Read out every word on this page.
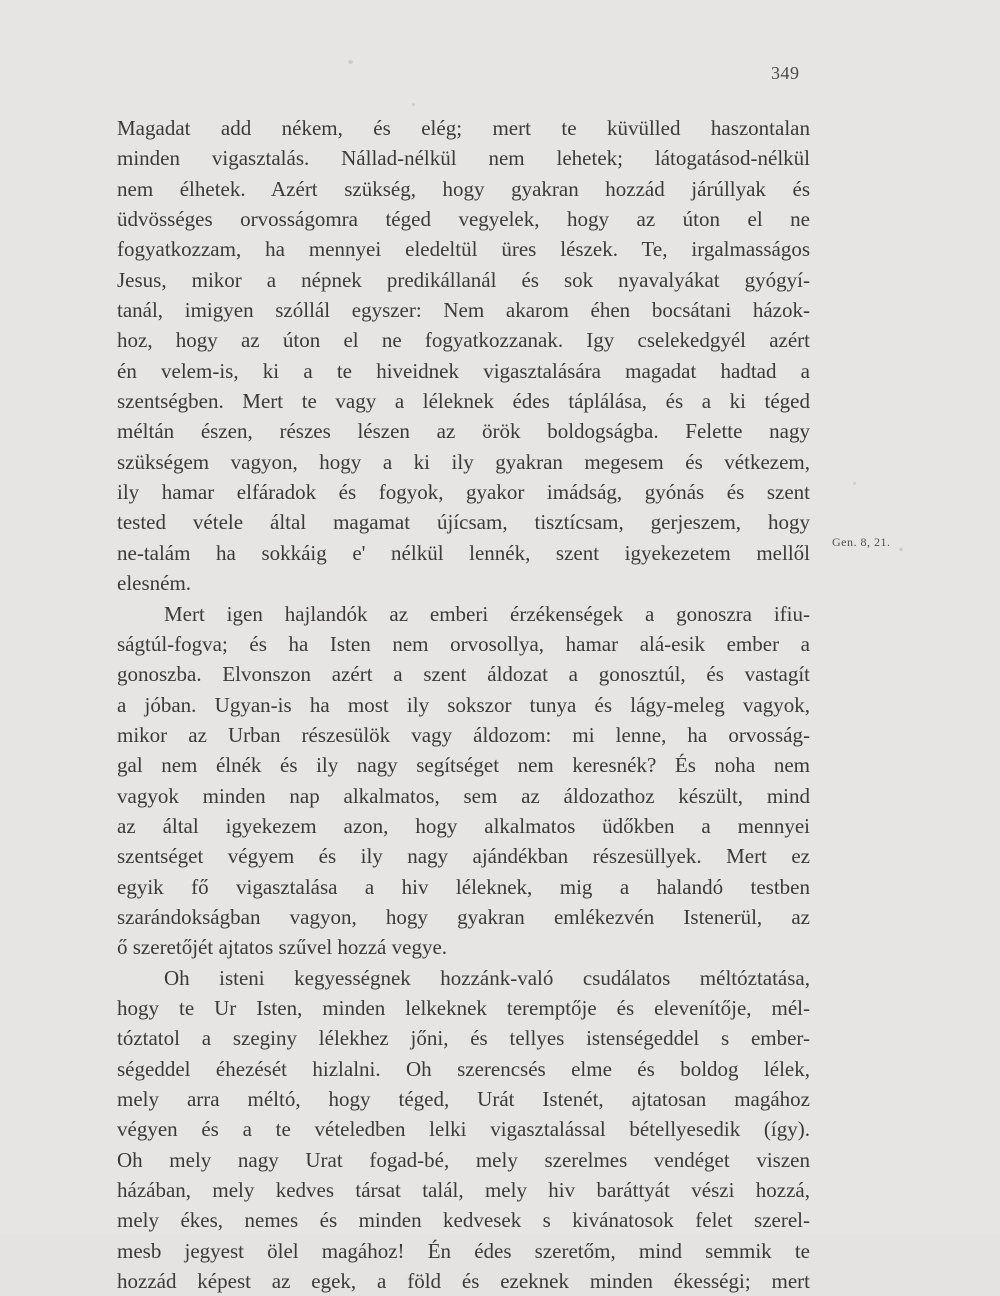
349
Magadat add nékem, és elég; mert te küvülled haszontalan
minden vigasztalás. Nállad-nélkül nem lehetek; látogatásod-nélkül
nem élhetek. Azért szükség, hogy gyakran hozzád járúllyak és
üdvösséges orvosságomra téged vegyelek, hogy az úton el ne
fogyatkozzam, ha mennyei eledeltül üres lészek. Te, irgalmasságos
Jesus, mikor a népnek predikállanál és sok nyavalyákat gyógyí-
tanál, imigyen szóllál egyszer: Nem akarom éhen bocsátani házok-
hoz, hogy az úton el ne fogyatkozzanak. Igy cselekedgyél azért
én velem-is, ki a te hiveidnek vigasztalására magadat hadtad a
szentségben. Mert te vagy a léleknek édes táplálása, és a ki téged
méltán észen, részes lészen az örök boldogságba. Felette nagy
szükségem vagyon, hogy a ki ily gyakran megesem és vétkezem,
ily hamar elfáradok és fogyok, gyakor imádság, gyónás és szent
tested vétele által magamat újícsam, tisztícsam, gerjeszem, hogy
ne-talám ha sokkáig e' nélkül lennék, szent igyekezetem mellől
elesném.
Mert igen hajlandók az emberi érzékenségek a gonoszra ifiu-
ságtúl-fogva; és ha Isten nem orvosollya, hamar alá-esik ember a
gonoszba. Elvonszon azért a szent áldozat a gonosztúl, és vastagít
a jóban. Ugyan-is ha most ily sokszor tunya és lágy-meleg vagyok,
mikor az Urban részesülök vagy áldozom: mi lenne, ha orvosság-
gal nem élnék és ily nagy segítséget nem keresnék? És noha nem
vagyok minden nap alkalmatos, sem az áldozathoz készült, mind
az által igyekezem azon, hogy alkalmatos üdőkben a mennyei
szentséget végyem és ily nagy ajándékban részesüllyek. Mert ez
egyik fő vigasztalása a hiv léleknek, mig a halandó testben
szarándokságban vagyon, hogy gyakran emlékezvén Istenerül, az
ő szeretőjét ajtatos szűvel hozzá vegye.
Oh isteni kegyességnek hozzánk-való csudálatos méltóztatása,
hogy te Ur Isten, minden lelkeknek teremptője és elevenítője, mél-
tóztatol a szeginy lélekhez jőni, és tellyes istenségeddel s ember-
ségeddel éhezését hizlalni. Oh szerencsés elme és boldog lélek,
mely arra méltó, hogy téged, Urát Istenét, ajtatosan magához
végyen és a te vételedben lelki vigasztalással bétellyesedik (így).
Oh mely nagy Urat fogad-bé, mely szerelmes vendéget viszen
házában, mely kedves társat talál, mely hiv baráttyát vészi hozzá,
mely ékes, nemes és minden kedvesek s kivánatosok felet szerel-
mesb jegyest ölel magához! Én édes szeretőm, mind semmik te
hozzád képest az egek, a föld és ezeknek minden ékességi; mert
Gen. 8, 21.
